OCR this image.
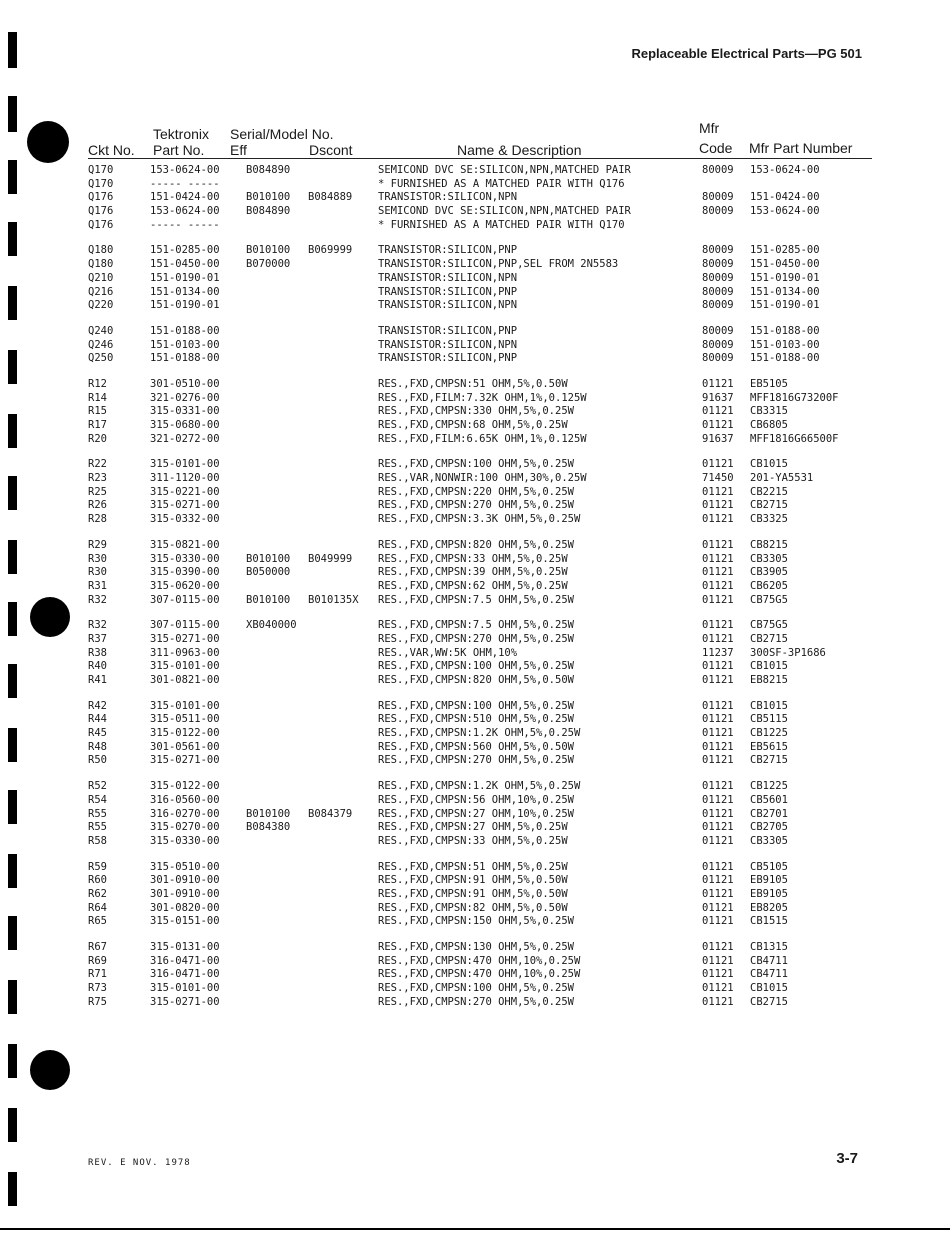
Replaceable Electrical Parts—PG 501
Tektronix Serial/Model No.	Mfr
Ckt No. Part No. Eff	Dscont	Name & Description	Code Mfr Part Number
Q170	153-0624-00	B084890	SEMICOND DVC SE:SILICON,NPN,MATCHED PAIR	80009 153-0624-00
Q170	----- -----	* FURNISHED AS A MATCHED PAIR WITH Q176
Q176	151-0424-00	B010100 B084889 TRANSISTOR:SILICON,NPN	80009 151-0424-00
Q176	153-0624-00	B084890	SEMICOND DVC SE:SILICON,NPN,MATCHED PAIR	80009 153-0624-00
Q176	----- -----	* FURNISHED AS A MATCHED PAIR WITH Q170
Q180	151-0285-00	B010100 B069999 TRANSISTOR:SILICON,PNP	80009 151-0285-00
Q180	151-0450-00	B070000	TRANSISTOR:SILICON,PNP,SEL FROM 2N5583	80009 151-0450-00
Q210	151-0190-01	TRANSISTOR:SILICON,NPN	80009 151-0190-01
Q216	151-0134-00	TRANSISTOR:SILICON,PNP	80009 151-0134-00
Q220	151-0190-01	TRANSISTOR:SILICON,NPN	80009 151-0190-01
Q240	151-0188-00	TRANSISTOR:SILICON,PNP	80009 151-0188-00
Q246	151-0103-00	TRANSISTOR:SILICON,NPN	80009 151-0103-00
Q250	151-0188-00	TRANSISTOR:SILICON,PNP	80009 151-0188-00
R12	301-0510-00	RES.,FXD,CMPSN:51 OHM,5%,0.50W	01121 EB5105
R14	321-0276-00	RES.,FXD,FILM:7.32K OHM,1%,0.125W	91637 MFF1816G73200F
R15	315-0331-00	RES.,FXD,CMPSN:330 OHM,5%,0.25W	01121 CB3315
R17	315-0680-00	RES.,FXD,CMPSN:68 OHM,5%,0.25W	01121 CB6805
R20	321-0272-00	RES.,FXD,FILM:6.65K OHM,1%,0.125W	91637 MFF1816G66500F
R22	315-0101-00	RES.,FXD,CMPSN:100 OHM,5%,0.25W	01121 CB1015
R23	311-1120-00	RES.,VAR,NONWIR:100 OHM,30%,0.25W	71450 201-YA5531
R25	315-0221-00	RES.,FXD,CMPSN:220 OHM,5%,0.25W	01121 CB2215
R26	315-0271-00	RES.,FXD,CMPSN:270 OHM,5%,0.25W	01121 CB2715
R28	315-0332-00	RES.,FXD,CMPSN:3.3K OHM,5%,0.25W	01121 CB3325
R29	315-0821-00	RES.,FXD,CMPSN:820 OHM,5%,0.25W	01121 CB8215
R30	315-0330-00	B010100 B049999 RES.,FXD,CMPSN:33 OHM,5%,0.25W	01121 CB3305
R30	315-0390-00	B050000	RES.,FXD,CMPSN:39 OHM,5%,0.25W	01121 CB3905
R31	315-0620-00	RES.,FXD,CMPSN:62 OHM,5%,0.25W	01121 CB6205
R32	307-0115-00	B010100 B010135X RES.,FXD,CMPSN:7.5 OHM,5%,0.25W	01121 CB75G5
R32	307-0115-00	XB040000	RES.,FXD,CMPSN:7.5 OHM,5%,0.25W	01121 CB75G5
R37	315-0271-00	RES.,FXD,CMPSN:270 OHM,5%,0.25W	01121 CB2715
R38	311-0963-00	RES.,VAR,WW:5K OHM,10%	11237 300SF-3P1686
R40	315-0101-00	RES.,FXD,CMPSN:100 OHM,5%,0.25W	01121 CB1015
R41	301-0821-00	RES.,FXD,CMPSN:820 OHM,5%,0.50W	01121 EB8215
R42	315-0101-00	RES.,FXD,CMPSN:100 OHM,5%,0.25W	01121 CB1015
R44	315-0511-00	RES.,FXD,CMPSN:510 OHM,5%,0.25W	01121 CB5115
R45	315-0122-00	RES.,FXD,CMPSN:1.2K OHM,5%,0.25W	01121 CB1225
R48	301-0561-00	RES.,FXD,CMPSN:560 OHM,5%,0.50W	01121 EB5615
R50	315-0271-00	RES.,FXD,CMPSN:270 OHM,5%,0.25W	01121 CB2715
R52	315-0122-00	RES.,FXD,CMPSN:1.2K OHM,5%,0.25W	01121 CB1225
R54	316-0560-00	RES.,FXD,CMPSN:56 OHM,10%,0.25W	01121 CB5601
R55	316-0270-00	B010100 B084379 RES.,FXD,CMPSN:27 OHM,10%,0.25W	01121 CB2701
R55	315-0270-00	B084380	RES.,FXD,CMPSN:27 OHM,5%,0.25W	01121 CB2705
R58	315-0330-00	RES.,FXD,CMPSN:33 OHM,5%,0.25W	01121 CB3305
R59	315-0510-00	RES.,FXD,CMPSN:51 OHM,5%,0.25W	01121 CB5105
R60	301-0910-00	RES.,FXD,CMPSN:91 OHM,5%,0.50W	01121 EB9105
R62	301-0910-00	RES.,FXD,CMPSN:91 OHM,5%,0.50W	01121 EB9105
R64	301-0820-00	RES.,FXD,CMPSN:82 OHM,5%,0.50W	01121 EB8205
R65	315-0151-00	RES.,FXD,CMPSN:150 OHM,5%,0.25W	01121 CB1515
R67	315-0131-00	RES.,FXD,CMPSN:130 OHM,5%,0.25W	01121 CB1315
R69	316-0471-00	RES.,FXD,CMPSN:470 OHM,10%,0.25W	01121 CB4711
R71	316-0471-00	RES.,FXD,CMPSN:470 OHM,10%,0.25W	01121 CB4711
R73	315-0101-00	RES.,FXD,CMPSN:100 OHM,5%,0.25W	01121 CB1015
R75	315-0271-00	RES.,FXD,CMPSN:270 OHM,5%,0.25W	01121 CB2715
REV. E NOV. 1978	3-7
